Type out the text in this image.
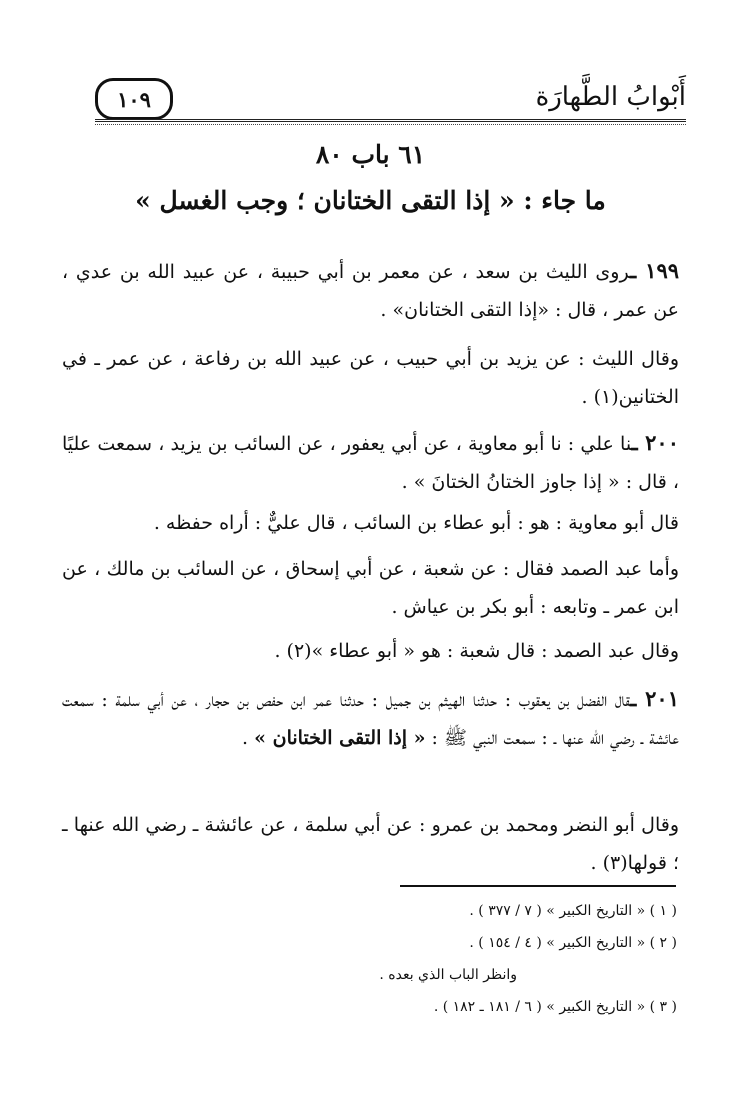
أَبْوابُ الطَّهارَة
١٠٩
٦١ باب ٨٠
ما جاء : « إذا التقى الختانان ؛ وجب الغسل »
١٩٩ ـروى الليث بن سعد ، عن معمر بن أبي حبيبة ، عن عبيد الله بن عدي ، عن عمر ، قال : «إذا التقى الختانان» .
وقال الليث : عن يزيد بن أبي حبيب ، عن عبيد الله بن رفاعة ، عن عمر ـ في الختانين(١) .
٢٠٠ ـنا علي : نا أبو معاوية ، عن أبي يعفور ، عن السائب بن يزيد ، سمعت عليًا ، قال : « إذا جاوز الختانُ الختانَ » .
قال أبو معاوية : هو : أبو عطاء بن السائب ، قال عليٌّ : أراه حفظه .
وأما عبد الصمد فقال : عن شعبة ، عن أبي إسحاق ، عن السائب بن مالك ، عن ابن عمر ـ وتابعه : أبو بكر بن عياش .
وقال عبد الصمد : قال شعبة : هو « أبو عطاء »(٢) .
٢٠١ ـقال الفضل بن يعقوب : حدثنا الهيثم بن جميل : حدثنا عمر ابن حفص بن حجار ، عن أبي سلمة : سمعت عائشة ـ رضي الله عنها ـ : سمعت النبي ﷺ : « إذا التقى الختانان » .
وقال أبو النضر ومحمد بن عمرو : عن أبي سلمة ، عن عائشة ـ رضي الله عنها ـ ؛ قولها(٣) .
( ١ ) « التاريخ الكبير » ( ٧ / ٣٧٧ ) .
( ٢ ) « التاريخ الكبير » ( ٤ / ١٥٤ ) .
وانظر الباب الذي بعده .
( ٣ ) « التاريخ الكبير » ( ٦ / ١٨١ ـ ١٨٢ ) .
